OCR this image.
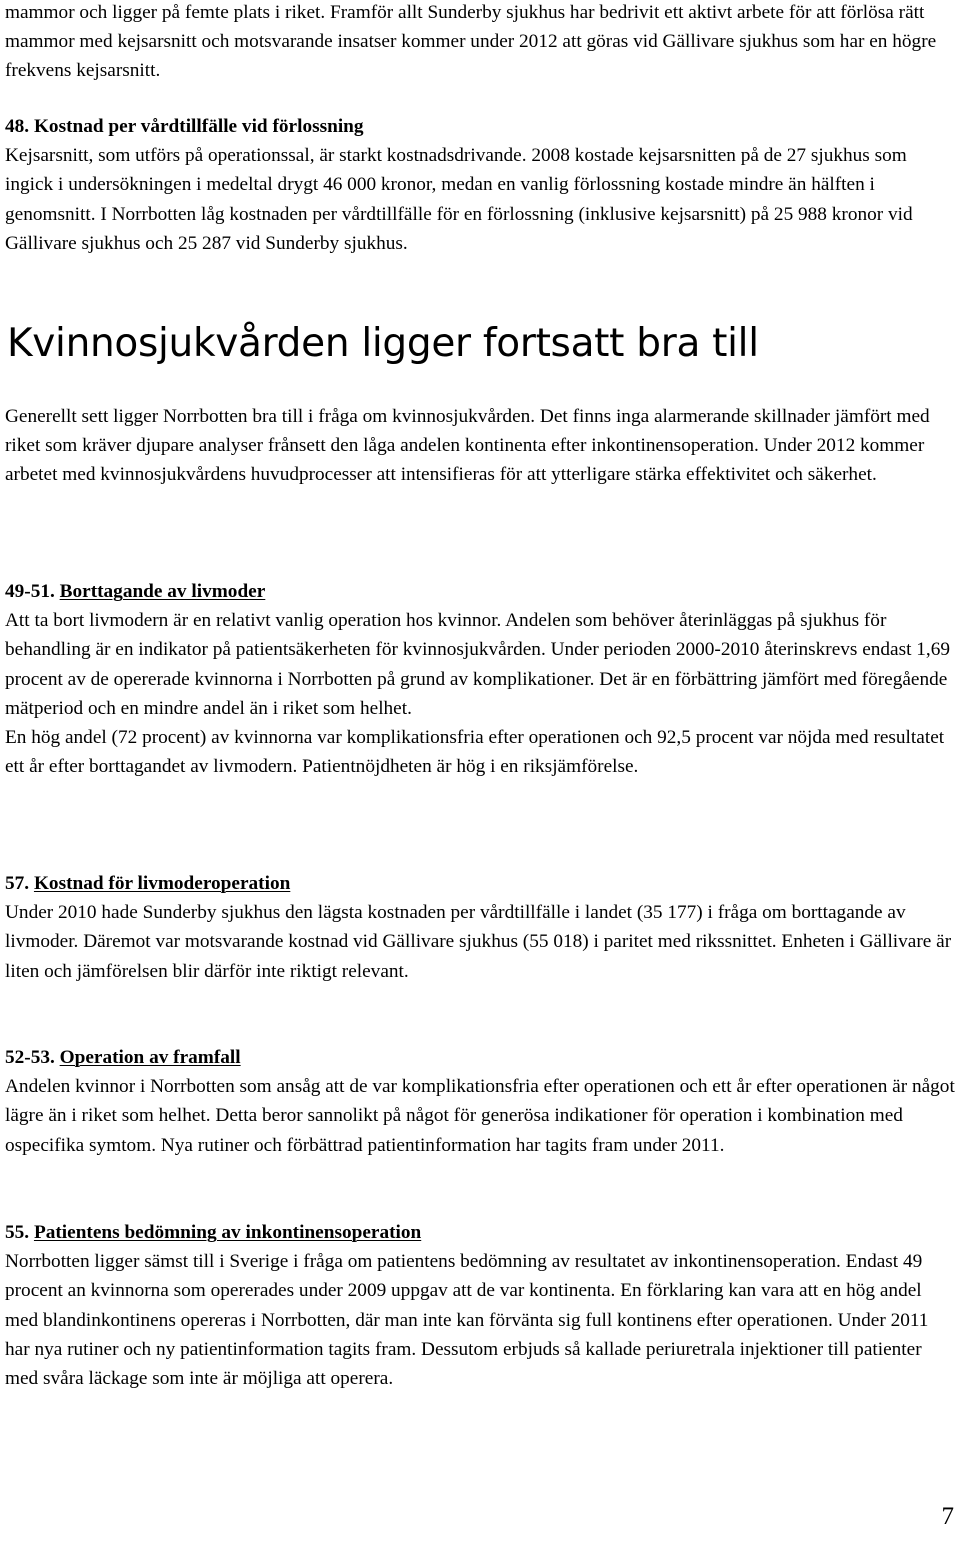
mammor och ligger på femte plats i riket. Framför allt Sunderby sjukhus har bedrivit ett aktivt arbete för att förlösa rätt mammor med kejsarsnitt och motsvarande insatser kommer under 2012 att göras vid Gällivare sjukhus som har en högre frekvens kejsarsnitt.

48. Kostnad per vårdtillfälle vid förlossning

Kejsarsnitt, som utförs på operationssal, är starkt kostnadsdrivande. 2008 kostade kejsarsnitten på de 27 sjukhus som ingick i undersökningen i medeltal drygt 46 000 kronor, medan en vanlig förlossning kostade mindre än hälften i genomsnitt. I Norrbotten låg kostnaden per vårdtillfälle för en förlossning (inklusive kejsarsnitt) på 25 988 kronor vid Gällivare sjukhus och 25 287 vid Sunderby sjukhus.

Kvinnosjukvården ligger fortsatt bra till

Generellt sett ligger Norrbotten bra till i fråga om kvinnosjukvården. Det finns inga alarmerande skillnader jämfört med riket som kräver djupare analyser frånsett den låga andelen kontinenta efter inkontinensoperation. Under 2012 kommer arbetet med kvinnosjukvårdens huvudprocesser att intensifieras för att ytterligare stärka effektivitet och säkerhet.

49-51. Borttagande av livmoder

Att ta bort livmodern är en relativt vanlig operation hos kvinnor. Andelen som behöver återinläggas på sjukhus för behandling är en indikator på patientsäkerheten för kvinnosjukvården. Under perioden 2000-2010 återinskrevs endast 1,69 procent av de opererade kvinnorna i Norrbotten på grund av komplikationer. Det är en förbättring jämfört med föregående mätperiod och en mindre andel än i riket som helhet.

En hög andel (72 procent) av kvinnorna var komplikationsfria efter operationen och 92,5 procent var nöjda med resultatet ett år efter borttagandet av livmodern. Patientnöjdheten är hög i en riksjämförelse.

57. Kostnad för livmoderoperation

Under 2010 hade Sunderby sjukhus den lägsta kostnaden per vårdtillfälle i landet (35 177) i fråga om borttagande av livmoder. Däremot var motsvarande kostnad vid Gällivare sjukhus (55 018) i paritet med rikssnittet. Enheten i Gällivare är liten och jämförelsen blir därför inte riktigt relevant.

52-53. Operation av framfall

Andelen kvinnor i Norrbotten som ansåg att de var komplikationsfria efter operationen och ett år efter operationen är något lägre än i riket som helhet. Detta beror sannolikt på något för generösa indikationer för operation i kombination med ospecifika symtom. Nya rutiner och förbättrad patientinformation har tagits fram under 2011.

55. Patientens bedömning av inkontinensoperation

Norrbotten ligger sämst till i Sverige i fråga om patientens bedömning av resultatet av inkontinensoperation. Endast 49 procent an kvinnorna som opererades under 2009 uppgav att de var kontinenta. En förklaring kan vara att en hög andel med blandinkontinens opereras i Norrbotten, där man inte kan förvänta sig full kontinens efter operationen. Under 2011 har nya rutiner och ny patientinformation tagits fram. Dessutom erbjuds så kallade periuretrala injektioner till patienter med svåra läckage som inte är möjliga att operera.

7
